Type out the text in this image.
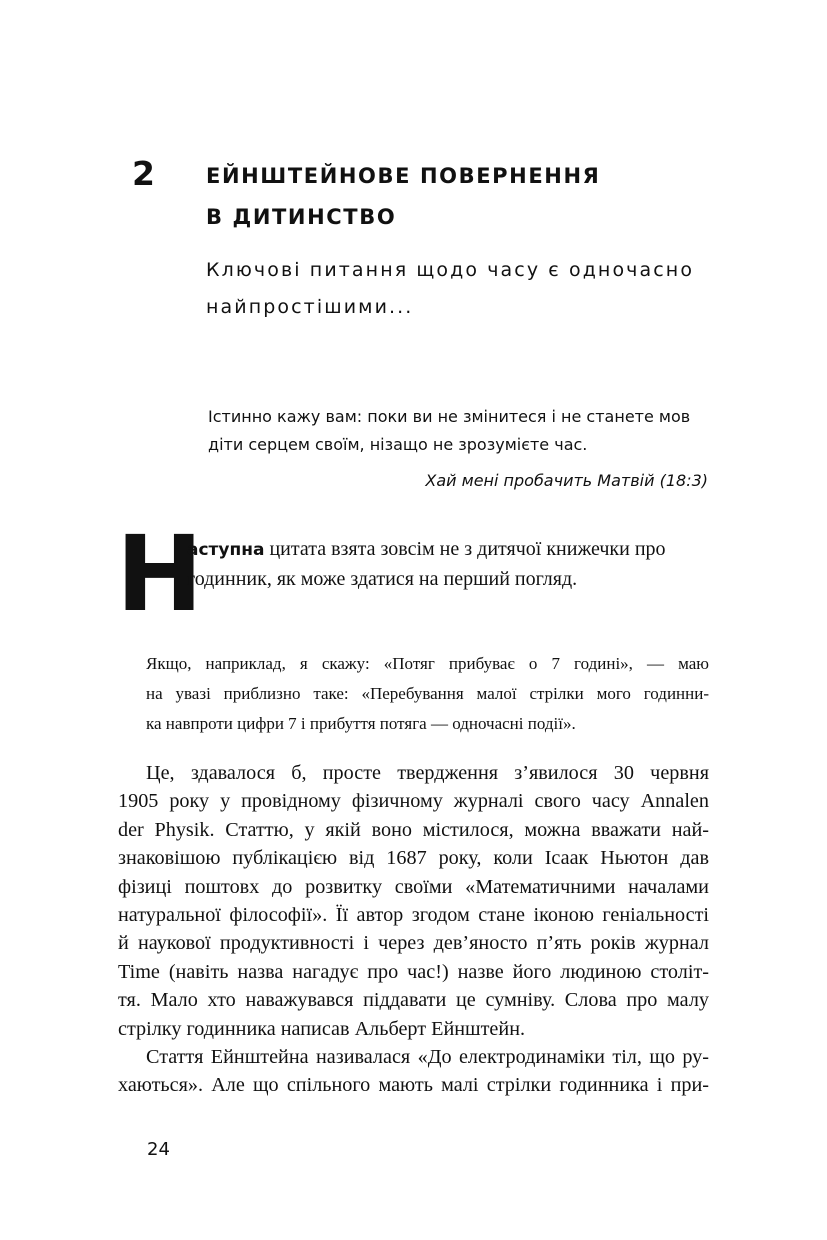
2 ЕЙНШТЕЙНОВЕ ПОВЕРНЕННЯ
В ДИТИНСТВО
Ключові питання щодо часу є одночасно
найпростішими...
Істинно кажу вам: поки ви не змінитеся і не станете мов
діти серцем своїм, нізащо не зрозумієте час.
Хай мені пробачить Матвій (18:3)
Н
аступна цитата взята зовсім не з дитячої книжечки про
годинник, як може здатися на перший погляд.
Якщо, наприклад, я скажу: «Потяг прибуває о 7 годині», — маю
на увазі приблизно таке: «Перебування малої стрілки мого годинни-
ка навпроти цифри 7 і прибуття потяга — одночасні події».
Це, здавалося б, просте твердження з’явилося 30 червня
1905 року у провідному фізичному журналі свого часу Annalen
der Physik. Статтю, у якій воно містилося, можна вважати най-
знаковішою публікацією від 1687 року, коли Ісаак Ньютон дав
фізиці поштовх до розвитку своїми «Математичними началами
натуральної філософії». Її автор згодом стане іконою геніальності
й наукової продуктивності і через дев’яносто п’ять років журнал
Time (навіть назва нагадує про час!) назве його людиною століт-
тя. Мало хто наважувався піддавати це сумніву. Слова про малу
стрілку годинника написав Альберт Ейнштейн.
Стаття Ейнштейна називалася «До електродинаміки тіл, що ру-
хаються». Але що спільного мають малі стрілки годинника і при-
24
